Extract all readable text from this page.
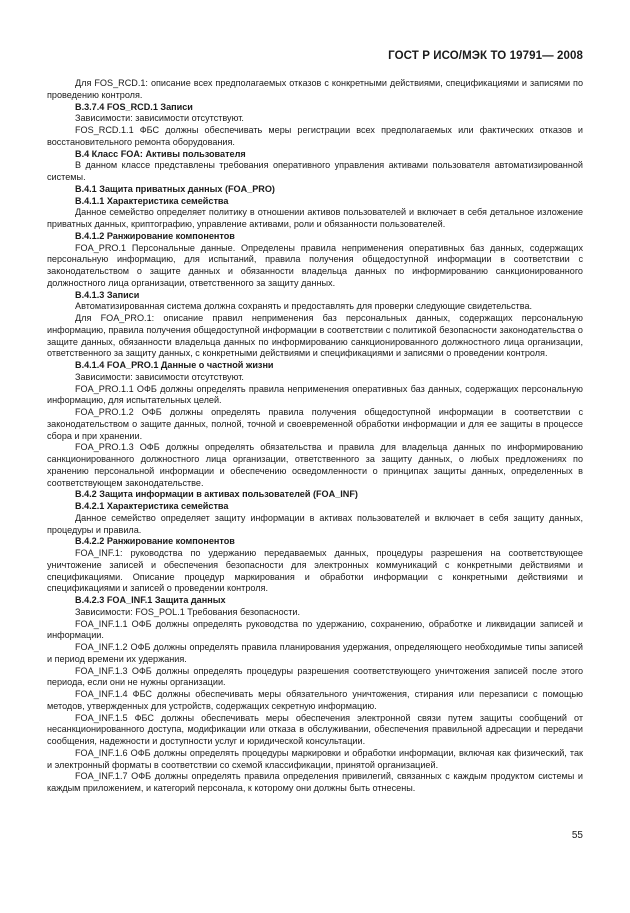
ГОСТ Р ИСО/МЭК ТО 19791— 2008

Для FOS_RCD.1: описание всех предполагаемых отказов с конкретными действиями, спецификациями и записями по проведению контроля.

В.3.7.4 FOS_RCD.1 Записи

Зависимости: зависимости отсутствуют.

FOS_RCD.1.1 ФБС должны обеспечивать меры регистрации всех предполагаемых или фактических отказов и восстановительного ремонта оборудования.

В.4 Класс FOA: Активы пользователя

В данном классе представлены требования оперативного управления активами пользователя автоматизированной системы.

В.4.1 Защита приватных данных (FOA_PRO)

В.4.1.1 Характеристика семейства

Данное семейство определяет политику в отношении активов пользователей и включает в себя детальное изложение приватных данных, криптографию, управление активами, роли и обязанности пользователей.

В.4.1.2 Ранжирование компонентов

FOA_PRO.1 Персональные данные. Определены правила неприменения оперативных баз данных, содержащих персональную информацию, для испытаний, правила получения общедоступной информации в соответствии с законодательством о защите данных и обязанности владельца данных по информированию санкционированного должностного лица организации, ответственного за защиту данных.

В.4.1.3 Записи

Автоматизированная система должна сохранять и предоставлять для проверки следующие свидетельства.

Для FOA_PRO.1: описание правил неприменения баз персональных данных, содержащих персональную информацию, правила получения общедоступной информации в соответствии с политикой безопасности законодательства о защите данных, обязанности владельца данных по информированию санкционированного должностного лица организации, ответственного за защиту данных, с конкретными действиями и спецификациями и записями о проведении контроля.

В.4.1.4 FOA_PRO.1 Данные о частной жизни

Зависимости: зависимости отсутствуют.

FOA_PRO.1.1 ОФБ должны определять правила неприменения оперативных баз данных, содержащих персональную информацию, для испытательных целей.

FOA_PRO.1.2 ОФБ должны определять правила получения общедоступной информации в соответствии с законодательством о защите данных, полной, точной и своевременной обработки информации и для ее защиты в процессе сбора и при хранении.

FOA_PRO.1.3 ОФБ должны определять обязательства и правила для владельца данных по информированию санкционированного должностного лица организации, ответственного за защиту данных, о любых предложениях по хранению персональной информации и обеспечению осведомленности о принципах защиты данных, определенных в соответствующем законодательстве.

В.4.2 Защита информации в активах пользователей (FOA_INF)

В.4.2.1 Характеристика семейства

Данное семейство определяет защиту информации в активах пользователей и включает в себя защиту данных, процедуры и правила.

В.4.2.2 Ранжирование компонентов

FOA_INF.1: руководства по удержанию передаваемых данных, процедуры разрешения на соответствующее уничтожение записей и обеспечения безопасности для электронных коммуникаций с конкретными действиями и спецификациями. Описание процедур маркирования и обработки информации с конкретными действиями и спецификациями и записей о проведении контроля.

В.4.2.3 FOA_INF.1 Защита данных

Зависимости: FOS_POL.1 Требования безопасности.

FOA_INF.1.1 ОФБ должны определять руководства по удержанию, сохранению, обработке и ликвидации записей и информации.

FOA_INF.1.2 ОФБ должны определять правила планирования удержания, определяющего необходимые типы записей и период времени их удержания.

FOA_INF.1.3 ОФБ должны определять процедуры разрешения соответствующего уничтожения записей после этого периода, если они не нужны организации.

FOA_INF.1.4 ФБС должны обеспечивать меры обязательного уничтожения, стирания или перезаписи с помощью методов, утвержденных для устройств, содержащих секретную информацию.

FOA_INF.1.5 ФБС должны обеспечивать меры обеспечения электронной связи путем защиты сообщений от несанкционированного доступа, модификации или отказа в обслуживании, обеспечения правильной адресации и передачи сообщения, надежности и доступности услуг и юридической консультации.

FOA_INF.1.6 ОФБ должны определять процедуры маркировки и обработки информации, включая как физический, так и электронный форматы в соответствии со схемой классификации, принятой организацией.

FOA_INF.1.7 ОФБ должны определять правила определения привилегий, связанных с каждым продуктом системы и каждым приложением, и категорий персонала, к которому они должны быть отнесены.

55
